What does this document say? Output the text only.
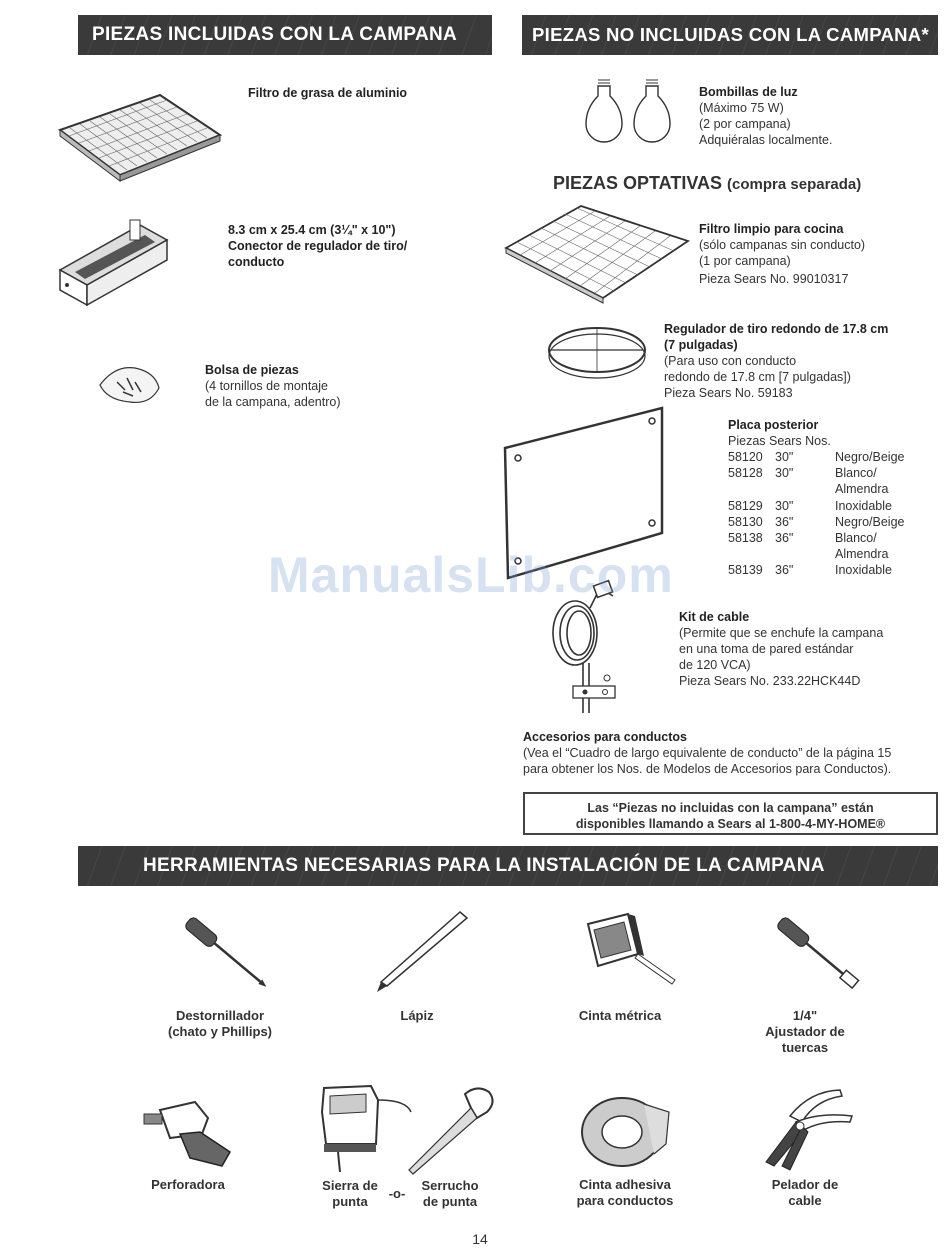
PIEZAS INCLUIDAS CON LA CAMPANA	PIEZAS NO INCLUIDAS CON LA CAMPANA*
HERRAMIENTAS NECESARIAS PARA LA INSTALACIÓN DE LA CAMPANA
Filtro de grasa de aluminio
8.3 cm x 25.4 cm (3¼" x 10")
Conector de regulador de tiro/
conducto
Bolsa de piezas
(4 tornillos de montaje
de la campana, adentro)
Bombillas de luz
(Máximo 75 W)
(2 por campana)
Adquiéralas localmente.
PIEZAS OPTATIVAS (compra separada)
Filtro limpio para cocina
(sólo campanas sin conducto)
(1 por campana)
Pieza Sears No. 99010317
Regulador de tiro redondo de 17.8 cm
(7 pulgadas)
(Para uso con conducto
redondo de 17.8 cm [7 pulgadas])
Pieza Sears No. 59183
Placa posterior
Piezas Sears Nos.
58120	30"	Negro/Beige
58128	30"	Blanco/
		Almendra
58129	30"	Inoxidable
58130	36"	Negro/Beige
58138	36"	Blanco/
		Almendra
58139	36"	Inoxidable
Kit de cable
(Permite que se enchufe la campana
en una toma de pared estándar
de 120 VCA)
Pieza Sears No. 233.22HCK44D
Accesorios para conductos
(Vea el “Cuadro de largo equivalente de conducto” de la página 15
para obtener los Nos. de Modelos de Accesorios para Conductos).
Las “Piezas no incluidas con la campana” están
disponibles llamando a Sears al 1-800-4-MY-HOME®
ManualsLib.com
Destornillador
(chato y Phillips)
Lápiz	Cinta métrica	1/4"
Ajustador de
tuercas
Perforadora	Sierra de
punta
-o-
Serrucho
de punta
Cinta adhesiva
para conductos
Pelador de
cable
14
